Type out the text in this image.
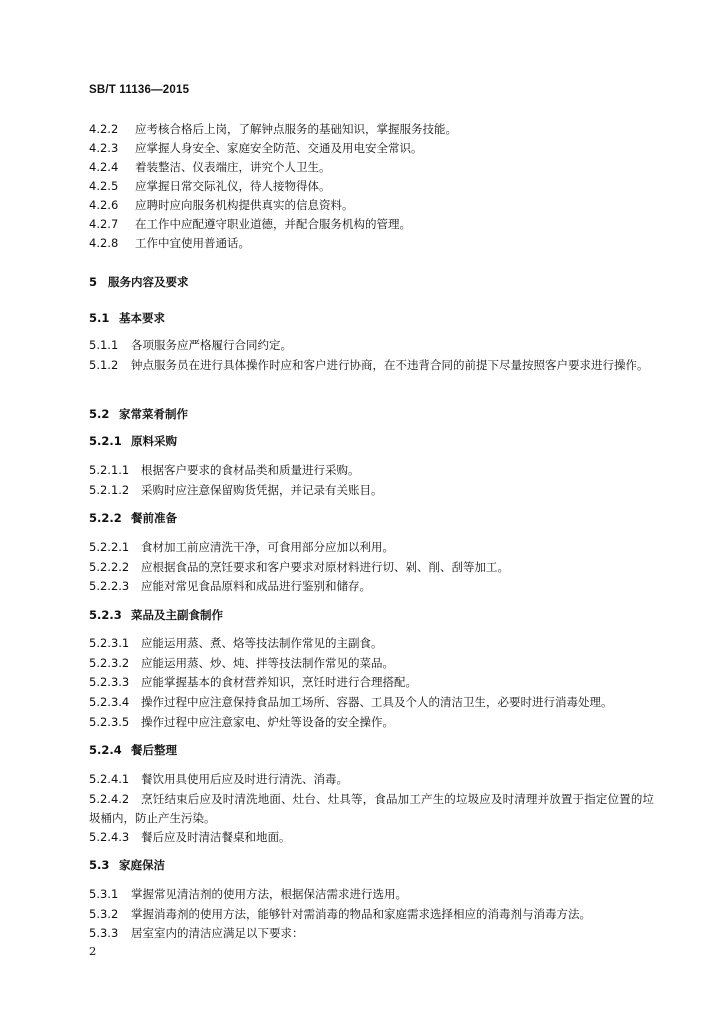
SB/T 11136—2015
4.2.2 应考核合格后上岗，了解钟点服务的基础知识，掌握服务技能。
4.2.3 应掌握人身安全、家庭安全防范、交通及用电安全常识。
4.2.4 着装整洁、仪表端庄，讲究个人卫生。
4.2.5 应掌握日常交际礼仪，待人接物得体。
4.2.6 应聘时应向服务机构提供真实的信息资料。
4.2.7 在工作中应配遵守职业道德，并配合服务机构的管理。
4.2.8 工作中宜使用普通话。
5 服务内容及要求
5.1 基本要求
5.1.1 各项服务应严格履行合同约定。
5.1.2 钟点服务员在进行具体操作时应和客户进行协商，在不违背合同的前提下尽量按照客户要求进行操作。
5.2 家常菜肴制作
5.2.1 原料采购
5.2.1.1 根据客户要求的食材品类和质量进行采购。
5.2.1.2 采购时应注意保留购货凭据，并记录有关账目。
5.2.2 餐前准备
5.2.2.1 食材加工前应清洗干净，可食用部分应加以利用。
5.2.2.2 应根据食品的烹饪要求和客户要求对原材料进行切、剁、削、刮等加工。
5.2.2.3 应能对常见食品原料和成品进行鉴别和储存。
5.2.3 菜品及主副食制作
5.2.3.1 应能运用蒸、煮、烙等技法制作常见的主副食。
5.2.3.2 应能运用蒸、炒、炖、拌等技法制作常见的菜品。
5.2.3.3 应能掌握基本的食材营养知识，烹饪时进行合理搭配。
5.2.3.4 操作过程中应注意保持食品加工场所、容器、工具及个人的清洁卫生，必要时进行消毒处理。
5.2.3.5 操作过程中应注意家电、炉灶等设备的安全操作。
5.2.4 餐后整理
5.2.4.1 餐饮用具使用后应及时进行清洗、消毒。
5.2.4.2 烹饪结束后应及时清洗地面、灶台、灶具等，食品加工产生的垃圾应及时清理并放置于指定位置的垃圾桶内，防止产生污染。
5.2.4.3 餐后应及时清洁餐桌和地面。
5.3 家庭保洁
5.3.1 掌握常见清洁剂的使用方法，根据保洁需求进行选用。
5.3.2 掌握消毒剂的使用方法，能够针对需消毒的物品和家庭需求选择相应的消毒剂与消毒方法。
5.3.3 居室室内的清洁应满足以下要求：
2
